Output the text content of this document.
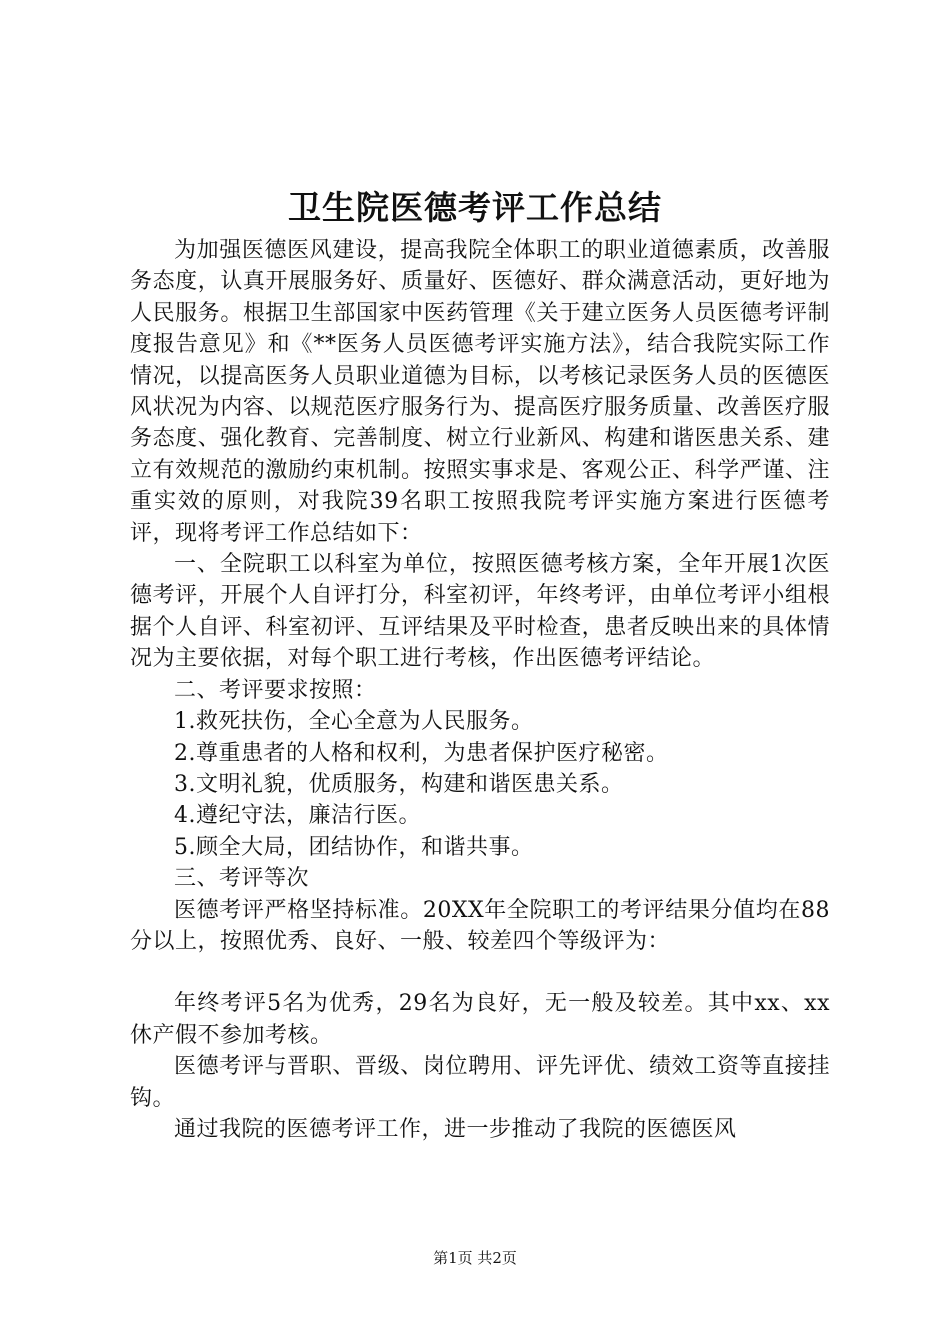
卫生院医德考评工作总结

为加强医德医风建设，提高我院全体职工的职业道德素质，改善服务态度，认真开展服务好、质量好、医德好、群众满意活动，更好地为人民服务。根据卫生部国家中医药管理《关于建立医务人员医德考评制度报告意见》和《**医务人员医德考评实施方法》，结合我院实际工作情况，以提高医务人员职业道德为目标，以考核记录医务人员的医德医风状况为内容、以规范医疗服务行为、提高医疗服务质量、改善医疗服务态度、强化教育、完善制度、树立行业新风、构建和谐医患关系、建立有效规范的激励约束机制。按照实事求是、客观公正、科学严谨、注重实效的原则，对我院39名职工按照我院考评实施方案进行医德考评，现将考评工作总结如下：

一、全院职工以科室为单位，按照医德考核方案，全年开展1次医德考评，开展个人自评打分，科室初评，年终考评，由单位考评小组根据个人自评、科室初评、互评结果及平时检查，患者反映出来的具体情况为主要依据，对每个职工进行考核，作出医德考评结论。

二、考评要求按照：

1.救死扶伤，全心全意为人民服务。

2.尊重患者的人格和权利，为患者保护医疗秘密。

3.文明礼貌，优质服务，构建和谐医患关系。

4.遵纪守法，廉洁行医。

5.顾全大局，团结协作，和谐共事。

三、考评等次

医德考评严格坚持标准。20XX年全院职工的考评结果分值均在88分以上，按照优秀、良好、一般、较差四个等级评为：

年终考评5名为优秀，29名为良好，无一般及较差。其中xx、xx休产假不参加考核。

医德考评与晋职、晋级、岗位聘用、评先评优、绩效工资等直接挂钩。

通过我院的医德考评工作，进一步推动了我院的医德医风

第1页 共2页
